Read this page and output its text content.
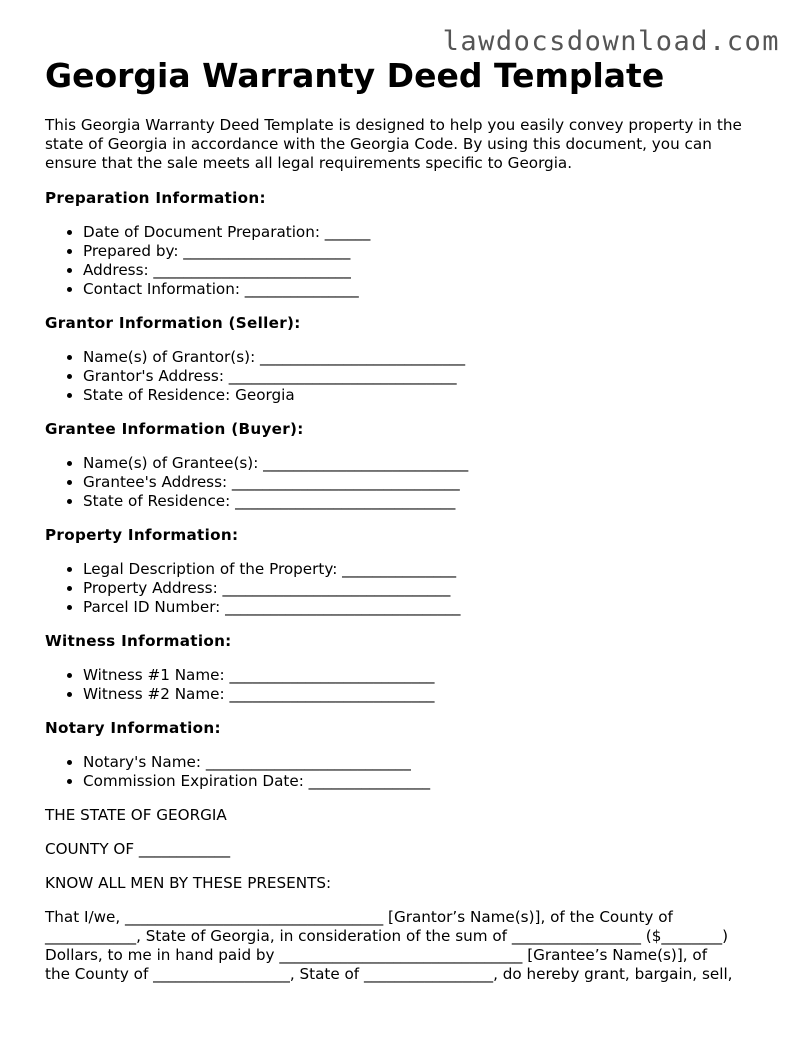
lawdocsdownload.com
Georgia Warranty Deed Template

This Georgia Warranty Deed Template is designed to help you easily convey property in the state of Georgia in accordance with the Georgia Code. By using this document, you can ensure that the sale meets all legal requirements specific to Georgia.

Preparation Information:
• Date of Document Preparation: ______
• Prepared by: ______________________
• Address: __________________________
• Contact Information: _______________
Grantor Information (Seller):
• Name(s) of Grantor(s): ___________________________
• Grantor's Address: ______________________________
• State of Residence: Georgia
Grantee Information (Buyer):
• Name(s) of Grantee(s): ___________________________
• Grantee's Address: ______________________________
• State of Residence: _____________________________
Property Information:
• Legal Description of the Property: _______________
• Property Address: ______________________________
• Parcel ID Number: _______________________________
Witness Information:
• Witness #1 Name: ___________________________
• Witness #2 Name: ___________________________
Notary Information:
• Notary's Name: ___________________________
• Commission Expiration Date: ________________

THE STATE OF GEORGIA

COUNTY OF ____________

KNOW ALL MEN BY THESE PRESENTS:

That I/we, __________________________________ [Grantor’s Name(s)], of the County of

____________, State of Georgia, in consideration of the sum of _________________ ($________)

Dollars, to me in hand paid by ________________________________ [Grantee’s Name(s)], of

the County of __________________, State of _________________, do hereby grant, bargain, sell,
